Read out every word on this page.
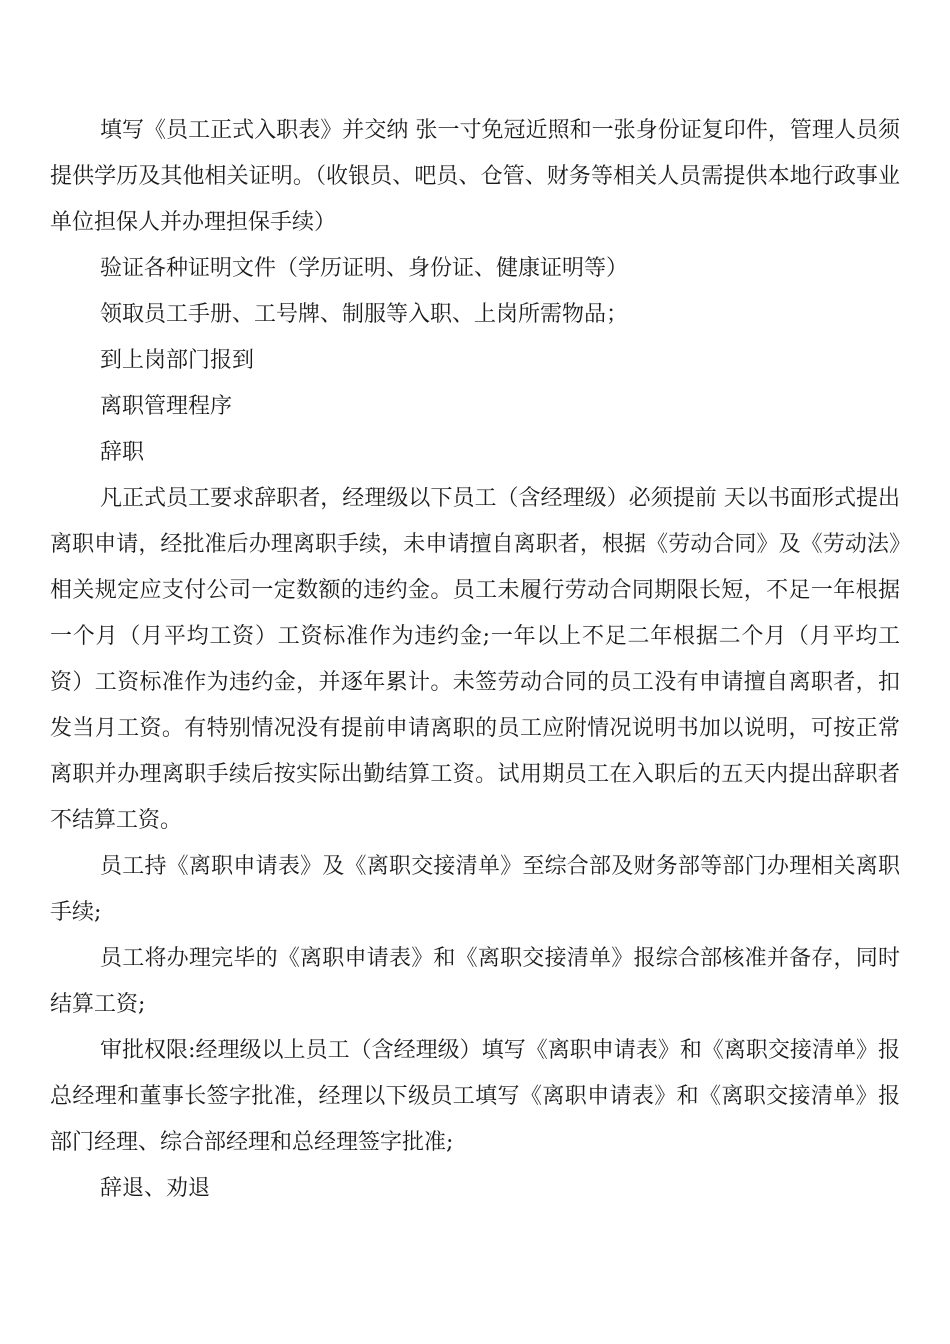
填写《员工正式入职表》并交纳 张一寸免冠近照和一张身份证复印件，管理人员须提供学历及其他相关证明。（收银员、吧员、仓管、财务等相关人员需提供本地行政事业单位担保人并办理担保手续）

验证各种证明文件（学历证明、身份证、健康证明等）

领取员工手册、工号牌、制服等入职、上岗所需物品；

到上岗部门报到

离职管理程序

辞职

凡正式员工要求辞职者，经理级以下员工（含经理级）必须提前 天以书面形式提出离职申请，经批准后办理离职手续，未申请擅自离职者，根据《劳动合同》及《劳动法》相关规定应支付公司一定数额的违约金。员工未履行劳动合同期限长短，不足一年根据一个月（月平均工资）工资标准作为违约金;一年以上不足二年根据二个月（月平均工资）工资标准作为违约金，并逐年累计。未签劳动合同的员工没有申请擅自离职者，扣发当月工资。有特别情况没有提前申请离职的员工应附情况说明书加以说明，可按正常离职并办理离职手续后按实际出勤结算工资。试用期员工在入职后的五天内提出辞职者不结算工资。

员工持《离职申请表》及《离职交接清单》至综合部及财务部等部门办理相关离职手续;

员工将办理完毕的《离职申请表》和《离职交接清单》报综合部核准并备存，同时结算工资;

审批权限:经理级以上员工（含经理级）填写《离职申请表》和《离职交接清单》报总经理和董事长签字批准，经理以下级员工填写《离职申请表》和《离职交接清单》报部门经理、综合部经理和总经理签字批准;

辞退、劝退
